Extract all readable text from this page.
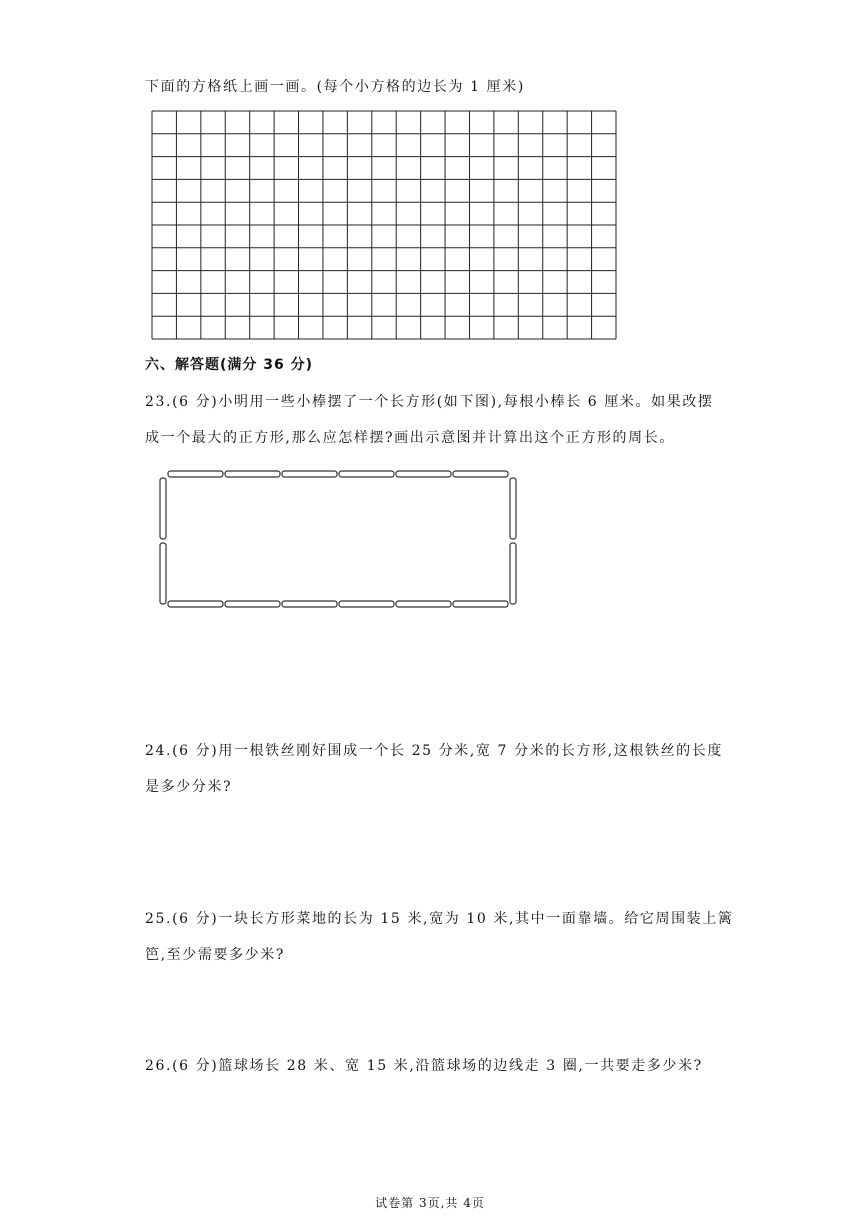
下面的方格纸上画一画。(每个小方格的边长为 1 厘米)
六、解答题(满分 36 分)
23.(6 分)小明用一些小棒摆了一个长方形(如下图),每根小棒长 6 厘米。如果改摆
成一个最大的正方形,那么应怎样摆?画出示意图并计算出这个正方形的周长。
24.(6 分)用一根铁丝刚好围成一个长 25 分米,宽 7 分米的长方形,这根铁丝的长度
是多少分米?
25.(6 分)一块长方形菜地的长为 15 米,宽为 10 米,其中一面靠墙。给它周围装上篱
笆,至少需要多少米?
26.(6 分)篮球场长 28 米、宽 15 米,沿篮球场的边线走 3 圈,一共要走多少米?
试卷第 3页,共 4页
